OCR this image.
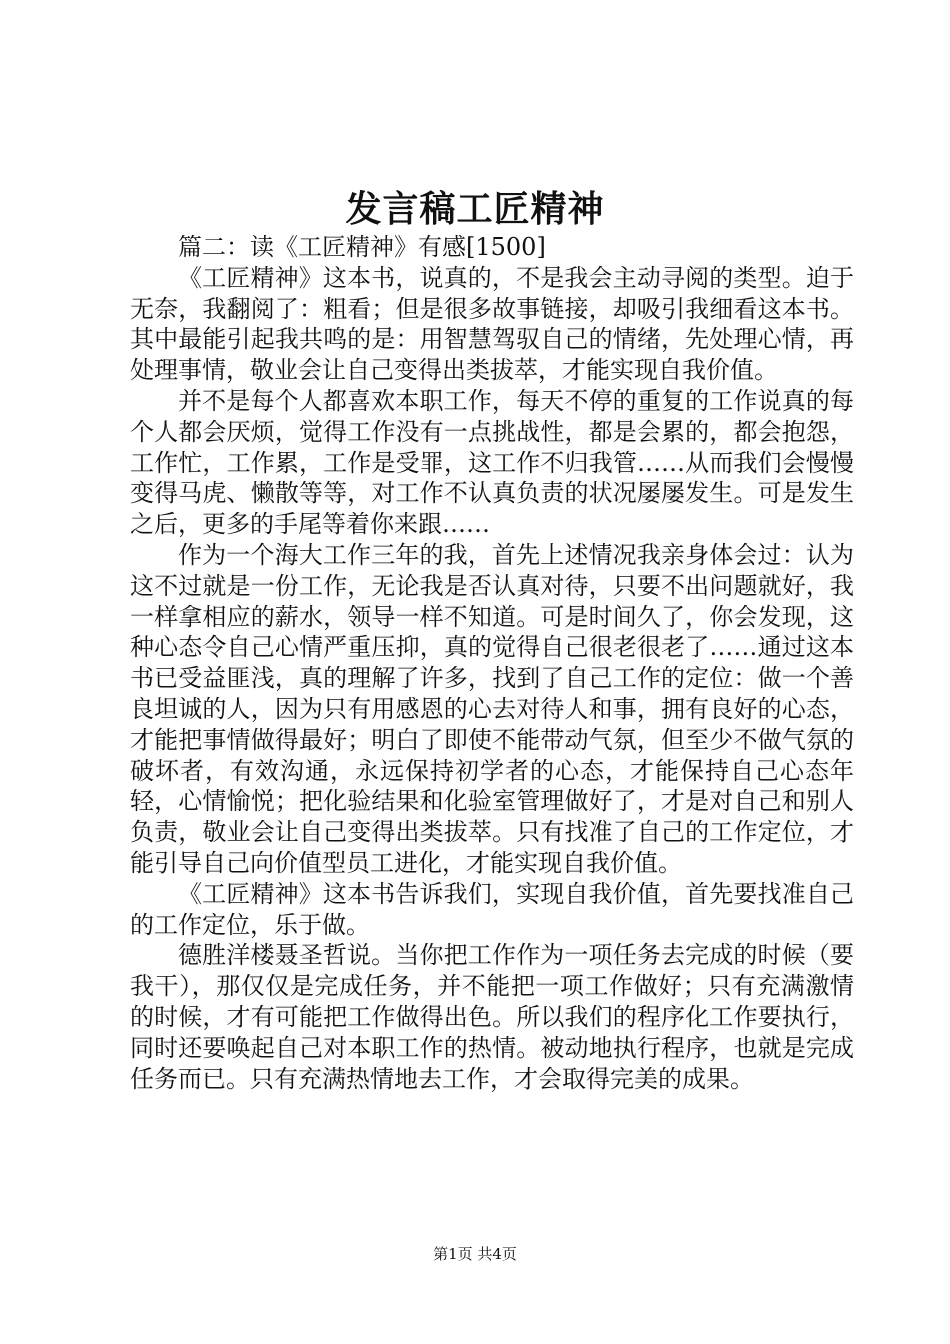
发言稿工匠精神

篇二：读《工匠精神》有感[1500]

《工匠精神》这本书，说真的，不是我会主动寻阅的类型。迫于无奈，我翻阅了：粗看；但是很多故事链接，却吸引我细看这本书。其中最能引起我共鸣的是：用智慧驾驭自己的情绪，先处理心情，再处理事情，敬业会让自己变得出类拔萃，才能实现自我价值。

并不是每个人都喜欢本职工作，每天不停的重复的工作说真的每个人都会厌烦，觉得工作没有一点挑战性，都是会累的，都会抱怨，工作忙，工作累，工作是受罪，这工作不归我管……从而我们会慢慢变得马虎、懒散等等，对工作不认真负责的状况屡屡发生。可是发生之后，更多的手尾等着你来跟……

作为一个海大工作三年的我，首先上述情况我亲身体会过：认为这不过就是一份工作，无论我是否认真对待，只要不出问题就好，我一样拿相应的薪水，领导一样不知道。可是时间久了，你会发现，这种心态令自己心情严重压抑，真的觉得自己很老很老了……通过这本书已受益匪浅，真的理解了许多，找到了自己工作的定位：做一个善良坦诚的人，因为只有用感恩的心去对待人和事，拥有良好的心态，才能把事情做得最好；明白了即使不能带动气氛，但至少不做气氛的破坏者，有效沟通，永远保持初学者的心态，才能保持自己心态年轻，心情愉悦；把化验结果和化验室管理做好了，才是对自己和别人负责，敬业会让自己变得出类拔萃。只有找准了自己的工作定位，才能引导自己向价值型员工进化，才能实现自我价值。

《工匠精神》这本书告诉我们，实现自我价值，首先要找准自己的工作定位，乐于做。

德胜洋楼聂圣哲说。当你把工作作为一项任务去完成的时候（要我干），那仅仅是完成任务，并不能把一项工作做好；只有充满激情的时候，才有可能把工作做得出色。所以我们的程序化工作要执行，同时还要唤起自己对本职工作的热情。被动地执行程序，也就是完成任务而已。只有充满热情地去工作，才会取得完美的成果。

第1页 共4页
